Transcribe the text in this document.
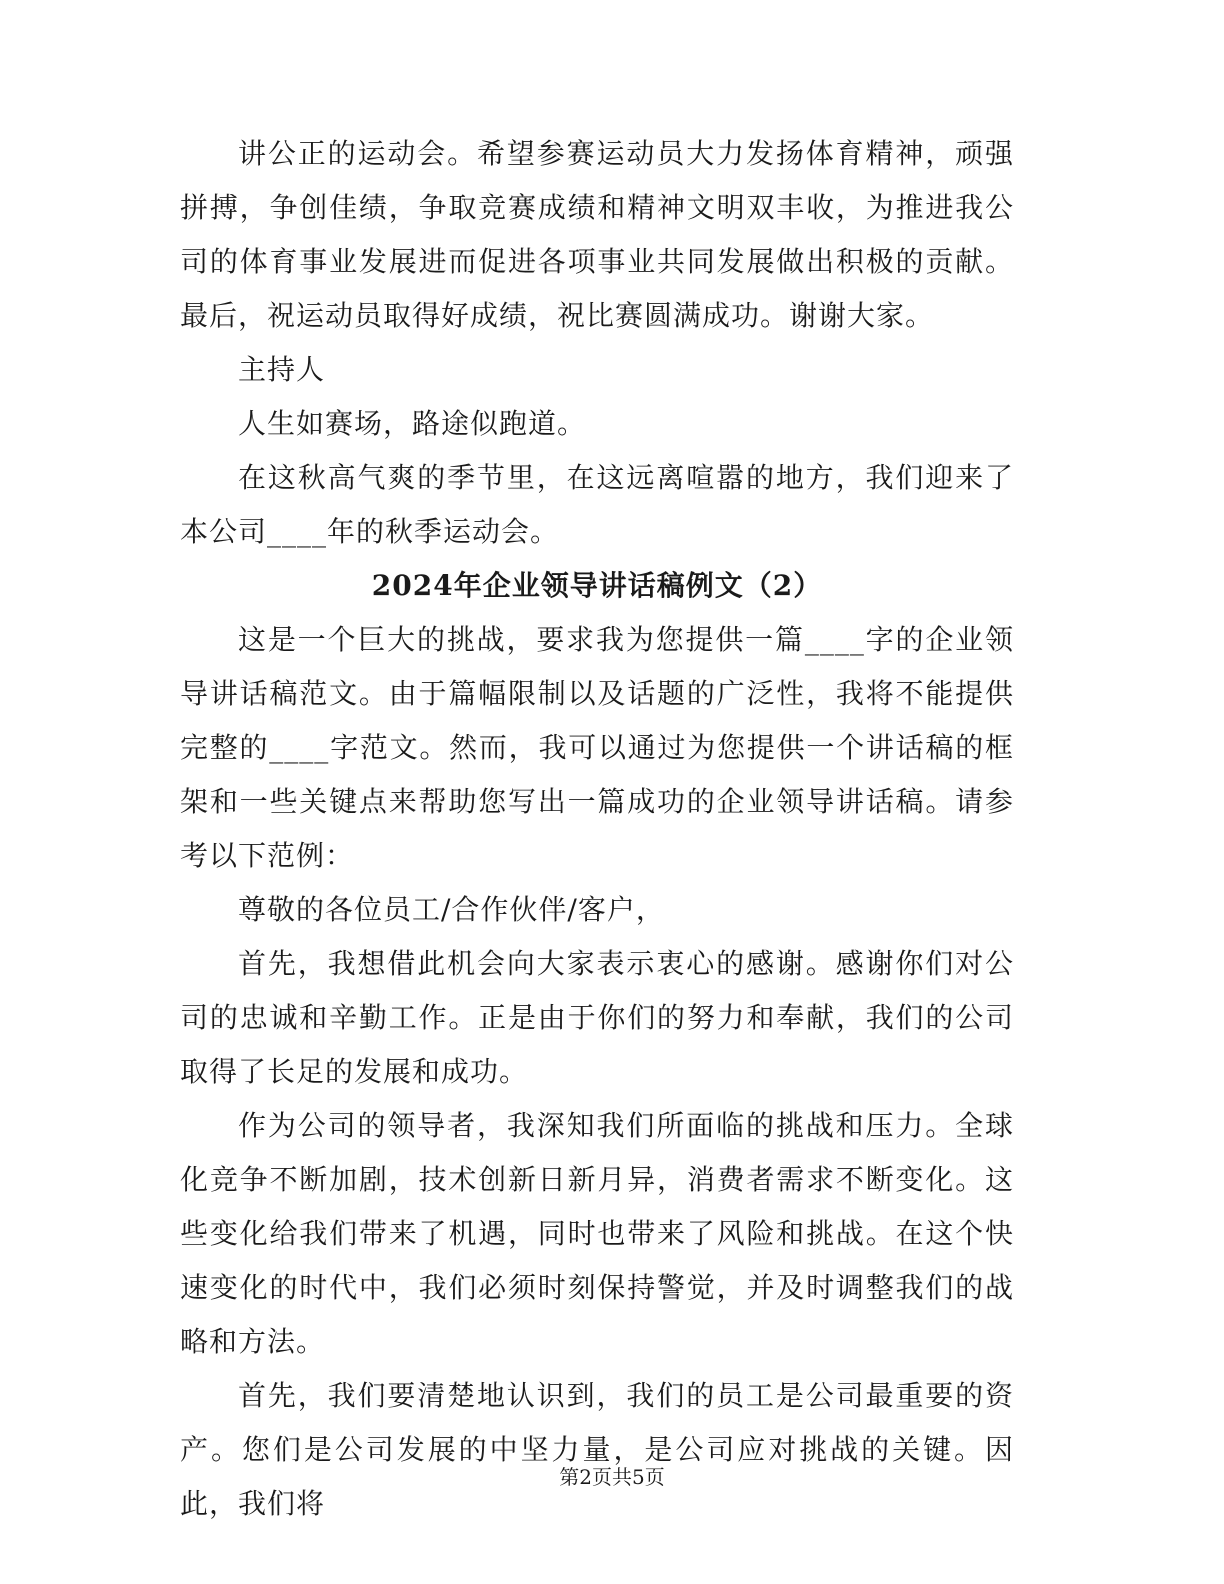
讲公正的运动会。希望参赛运动员大力发扬体育精神，顽强拼搏，争创佳绩，争取竞赛成绩和精神文明双丰收，为推进我公司的体育事业发展进而促进各项事业共同发展做出积极的贡献。最后，祝运动员取得好成绩，祝比赛圆满成功。谢谢大家。

主持人

人生如赛场，路途似跑道。

在这秋高气爽的季节里，在这远离喧嚣的地方，我们迎来了本公司____年的秋季运动会。

2024年企业领导讲话稿例文（2）

这是一个巨大的挑战，要求我为您提供一篇____字的企业领导讲话稿范文。由于篇幅限制以及话题的广泛性，我将不能提供完整的____字范文。然而，我可以通过为您提供一个讲话稿的框架和一些关键点来帮助您写出一篇成功的企业领导讲话稿。请参考以下范例：

尊敬的各位员工/合作伙伴/客户，

首先，我想借此机会向大家表示衷心的感谢。感谢你们对公司的忠诚和辛勤工作。正是由于你们的努力和奉献，我们的公司取得了长足的发展和成功。

作为公司的领导者，我深知我们所面临的挑战和压力。全球化竞争不断加剧，技术创新日新月异，消费者需求不断变化。这些变化给我们带来了机遇，同时也带来了风险和挑战。在这个快速变化的时代中，我们必须时刻保持警觉，并及时调整我们的战略和方法。

首先，我们要清楚地认识到，我们的员工是公司最重要的资产。您们是公司发展的中坚力量，是公司应对挑战的关键。因此，我们将

第2页共5页
